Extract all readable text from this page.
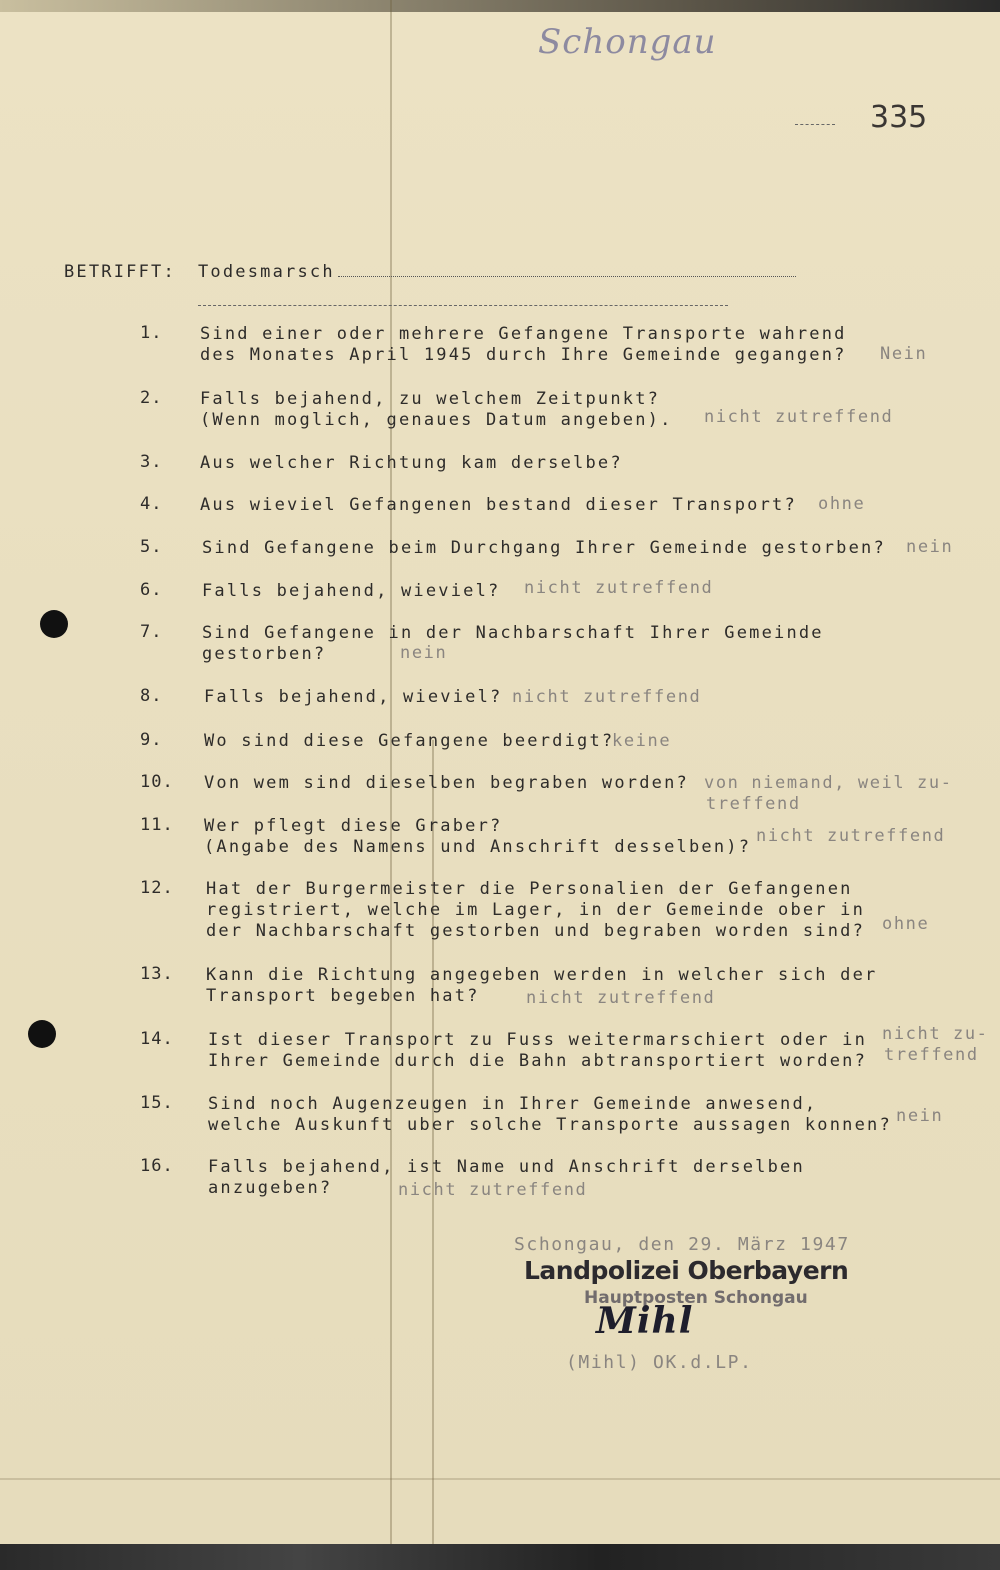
Schongau
335
BETRIFFT: Todesmarsch
1. Sind einer oder mehrere Gefangene Transporte wahrend
des Monates April 1945 durch Ihre Gemeinde gegangen? Nein
2. Falls bejahend, zu welchem Zeitpunkt?
(Wenn moglich, genaues Datum angeben). nicht zutreffend
3. Aus welcher Richtung kam derselbe?
4. Aus wieviel Gefangenen bestand dieser Transport? ohne
5. Sind Gefangene beim Durchgang Ihrer Gemeinde gestorben? nein
6. Falls bejahend, wieviel? nicht zutreffend
7. Sind Gefangene in der Nachbarschaft Ihrer Gemeinde
gestorben?	nein
8. Falls bejahend, wieviel? nicht zutreffend
9. Wo sind diese Gefangene beerdigt?
keine
10. Von wem sind dieselben begraben worden? von niemand, weil zu-
treffend
11. Wer pflegt diese Graber?
(Angabe des Namens und Anschrift desselben)?
nicht zutreffend
12. Hat der Burgermeister die Personalien der Gefangenen
registriert, welche im Lager, in der Gemeinde ober in
der Nachbarschaft gestorben und begraben worden sind? ohne
13. Kann die Richtung angegeben werden in welcher sich der
Transport begeben hat?	nicht zutreffend
14. Ist dieser Transport zu Fuss weitermarschiert oder in
Ihrer Gemeinde durch die Bahn abtransportiert worden?
nicht zu-
treffend
15. Sind noch Augenzeugen in Ihrer Gemeinde anwesend,
welche Auskunft uber solche Transporte aussagen konnen? nein
16. Falls bejahend, ist Name und Anschrift derselben
anzugeben?	nicht zutreffend
Schongau, den 29. März 1947
Landpolizei Oberbayern
Hauptposten Schongau
Mihl
(Mihl) OK.d.LP.
